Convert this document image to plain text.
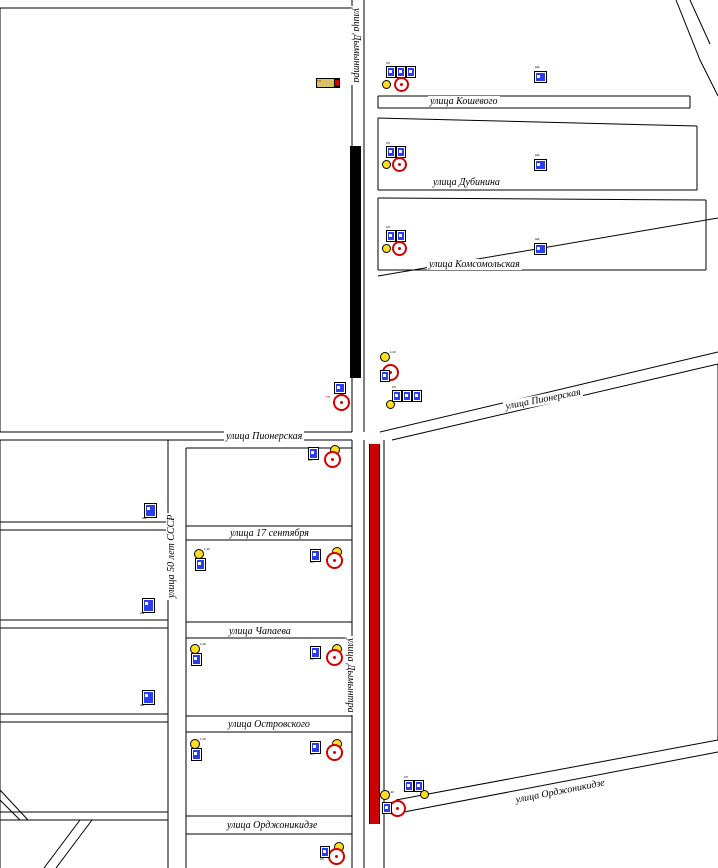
улица Дымынтра
улица Кошевого
улица Дубинина
улица Комсомольская
улица Пионерская
улица Пионерская
улица 50 лет СССР	улица 17 сентября
улица Чапаева
улица Островского
улица Орджоникидзе
улица Орджоникидзе
улица Дымынтра
ТП
КЛ
ШК
КЛ
ШК
КЛ
ШК
1,20
КЛ
ТП
ШК
ШК
ШК
КЛ
1,20
КЛ
1,20
КЛ
1,20
КЛ
КЛ
1,20
КЛ
